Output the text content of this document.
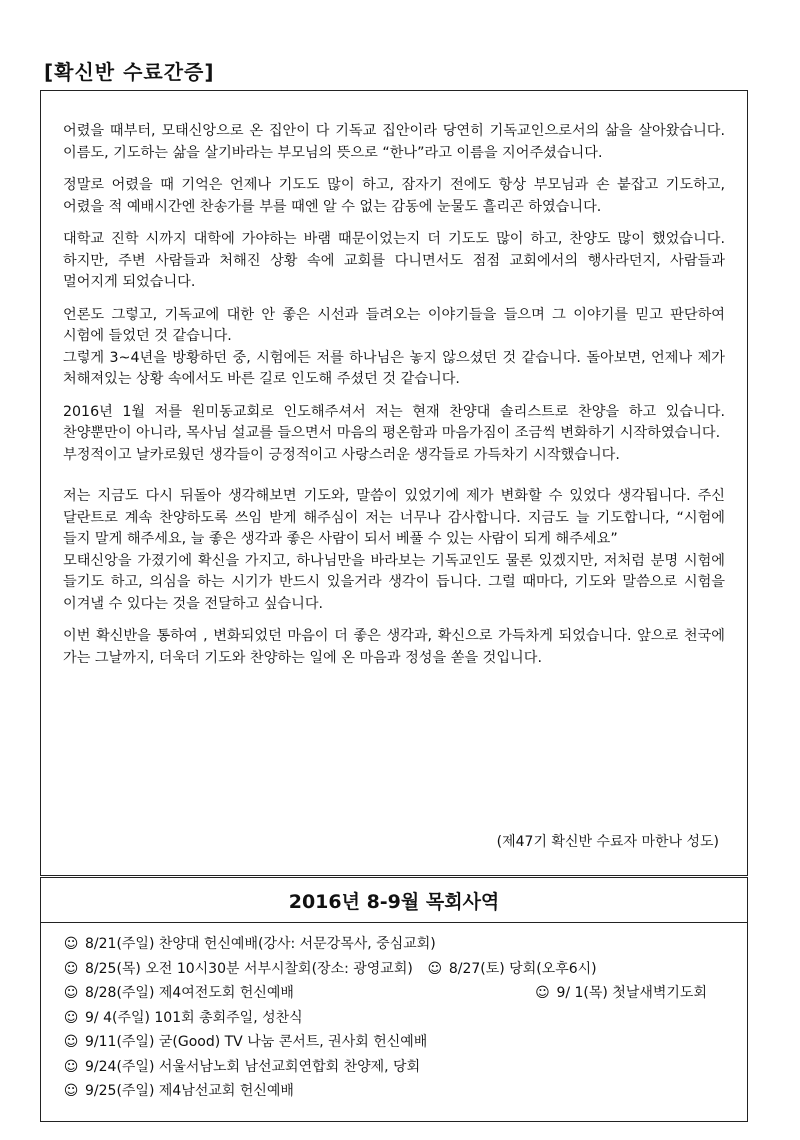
[확신반 수료간증]

어렸을 때부터, 모태신앙으로 온 집안이 다 기독교 집안이라 당연히 기독교인으로서의 삶을 살아왔습니다. 이름도, 기도하는 삶을 살기바라는 부모님의 뜻으로 “한나”라고 이름을 지어주셨습니다.

정말로 어렸을 때 기억은 언제나 기도도 많이 하고, 잠자기 전에도 항상 부모님과 손 붙잡고 기도하고, 어렸을 적 예배시간엔 찬송가를 부를 때엔 알 수 없는 감동에 눈물도 흘리곤 하였습니다.

대학교 진학 시까지 대학에 가야하는 바램 때문이었는지 더 기도도 많이 하고, 찬양도 많이 했었습니다. 하지만, 주변 사람들과 처해진 상황 속에 교회를 다니면서도 점점 교회에서의 행사라던지, 사람들과 멀어지게 되었습니다.

언론도 그렇고, 기독교에 대한 안 좋은 시선과 들려오는 이야기들을 들으며 그 이야기를 믿고 판단하여 시험에 들었던 것 같습니다.
그렇게 3~4년을 방황하던 중, 시험에든 저를 하나님은 놓지 않으셨던 것 같습니다. 돌아보면, 언제나 제가 처해져있는 상황 속에서도 바른 길로 인도해 주셨던 것 같습니다.

2016년 1월 저를 원미동교회로 인도해주셔서 저는 현재 찬양대 솔리스트로 찬양을 하고 있습니다. 찬양뿐만이 아니라, 목사님 설교를 들으면서 마음의 평온함과 마음가짐이 조금씩 변화하기 시작하였습니다.
부정적이고 날카로웠던 생각들이 긍정적이고 사랑스러운 생각들로 가득차기 시작했습니다.

저는 지금도 다시 뒤돌아 생각해보면 기도와, 말씀이 있었기에 제가 변화할 수 있었다 생각됩니다. 주신 달란트로 계속 찬양하도록 쓰임 받게 해주심이 저는 너무나 감사합니다. 지금도 늘 기도합니다, “시험에 들지 말게 해주세요, 늘 좋은 생각과 좋은 사람이 되서 베풀 수 있는 사람이 되게 해주세요”
모태신앙을 가졌기에 확신을 가지고, 하나님만을 바라보는 기독교인도 물론 있겠지만, 저처럼 분명 시험에 들기도 하고, 의심을 하는 시기가 반드시 있을거라 생각이 듭니다. 그럴 때마다, 기도와 말씀으로 시험을 이겨낼 수 있다는 것을 전달하고 싶습니다.

이번 확신반을 통하여 , 변화되었던 마음이 더 좋은 생각과, 확신으로 가득차게 되었습니다. 앞으로 천국에 가는 그날까지, 더욱더 기도와 찬양하는 일에 온 마음과 정성을 쏟을 것입니다.

(제47기 확신반 수료자 마한나 성도)

2016년 8-9월 목회사역
☺ 8/21(주일) 찬양대 헌신예배(강사: 서문강목사, 중심교회)
☺ 8/25(목) 오전 10시30분 서부시찰회(장소: 광영교회) ☺ 8/27(토) 당회(오후6시)
☺ 8/28(주일) 제4여전도회 헌신예배	☺ 9/ 1(목) 첫날새벽기도회
☺ 9/ 4(주일) 101회 총회주일, 성찬식
☺ 9/11(주일) 굳(Good) TV 나눔 콘서트, 권사회 헌신예배
☺ 9/24(주일) 서울서남노회 남선교회연합회 찬양제, 당회
☺ 9/25(주일) 제4남선교회 헌신예배
